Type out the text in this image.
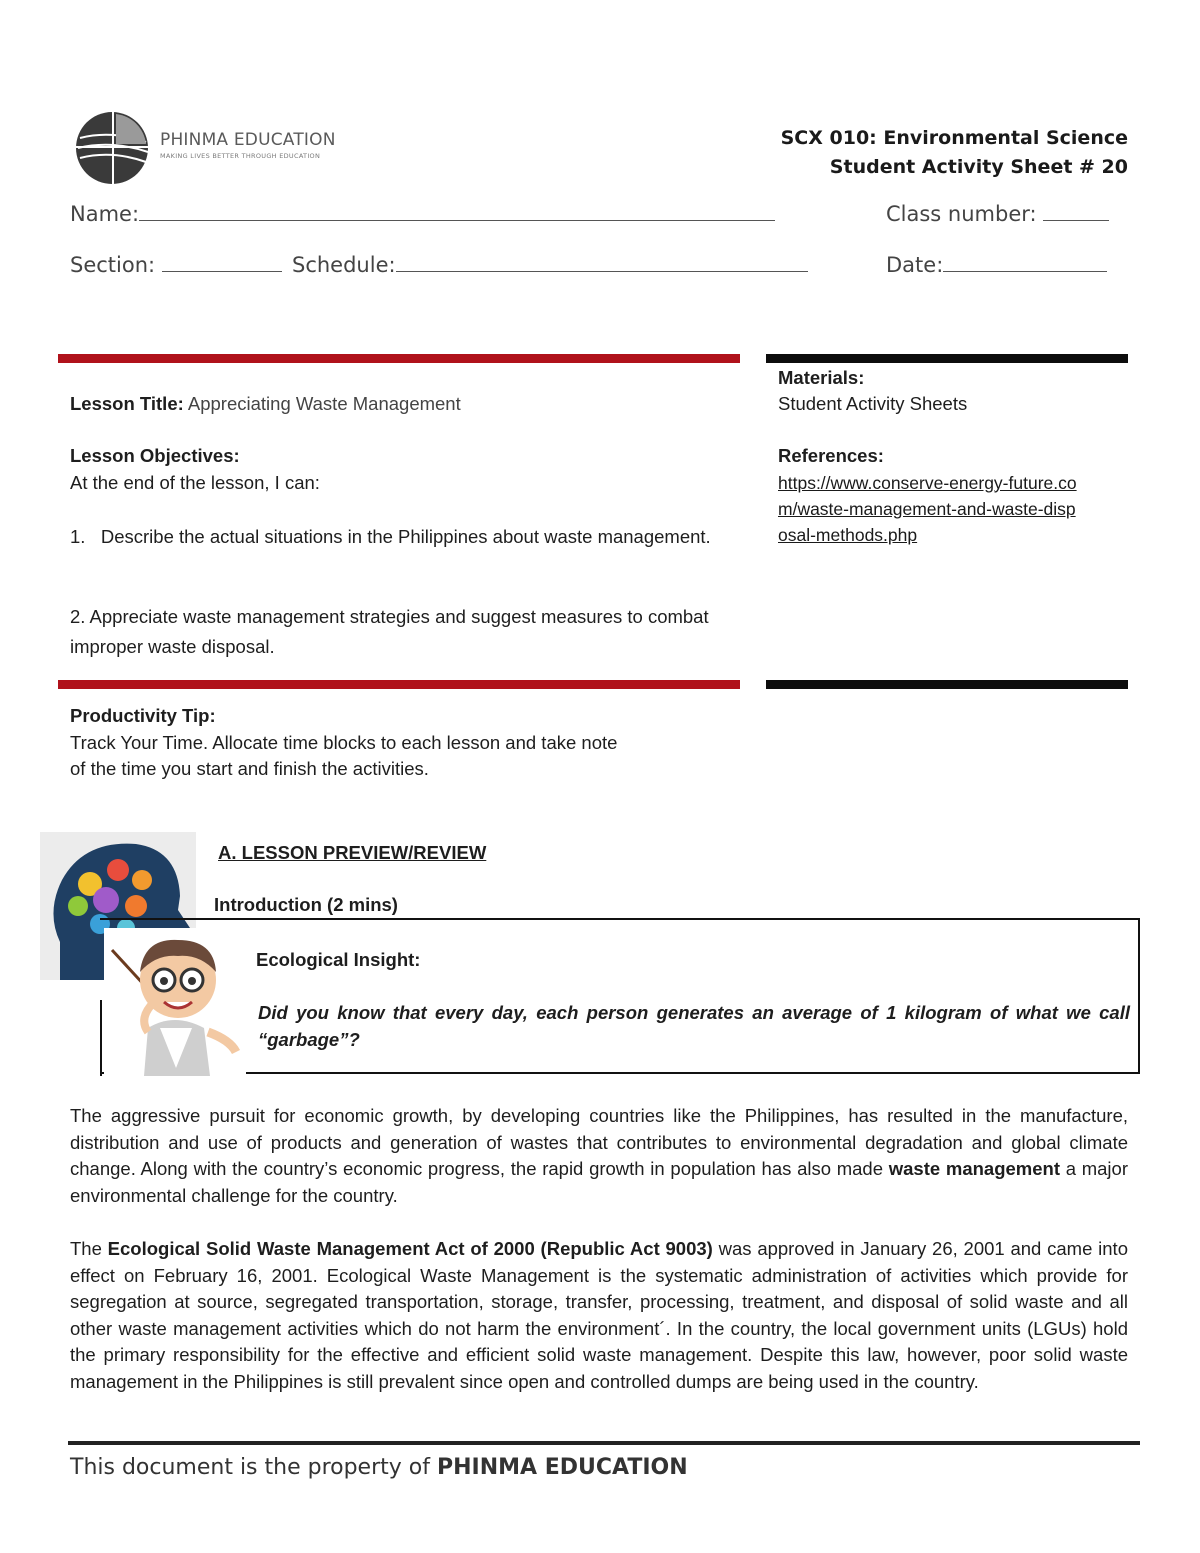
PHINMA EDUCATION
MAKING LIVES BETTER THROUGH EDUCATION
SCX 010: Environmental Science
Student Activity Sheet # 20
Name:	Class number:
Section:	Schedule:	Date:
Lesson Title: Appreciating Waste Management
Lesson Objectives:
At the end of the lesson, I can:
1. Describe the actual situations in the Philippines about waste management.
2. Appreciate waste management strategies and suggest measures to combat improper waste disposal.
Materials:
Student Activity Sheets
References:
https://www.conserve-energy-future.co
m/waste-management-and-waste-disp
osal-methods.php
Productivity Tip:
Track Your Time. Allocate time blocks to each lesson and take note
of the time you start and finish the activities.
A. LESSON PREVIEW/REVIEW
Introduction (2 mins)
Ecological Insight:
Did you know that every day, each person generates an average of 1 kilogram of what we call “garbage”?
The aggressive pursuit for economic growth, by developing countries like the Philippines, has resulted in the manufacture, distribution and use of products and generation of wastes that contributes to environmental degradation and global climate change. Along with the country’s economic progress, the rapid growth in population has also made waste management a major environmental challenge for the country.
The Ecological Solid Waste Management Act of 2000 (Republic Act 9003) was approved in January 26, 2001 and came into effect on February 16, 2001. Ecological Waste Management is the systematic administration of activities which provide for segregation at source, segregated transportation, storage, transfer, processing, treatment, and disposal of solid waste and all other waste management activities which do not harm the environment´. In the country, the local government units (LGUs) hold the primary responsibility for the effective and efficient solid waste management. Despite this law, however, poor solid waste management in the Philippines is still prevalent since open and controlled dumps are being used in the country.
This document is the property of PHINMA EDUCATION
